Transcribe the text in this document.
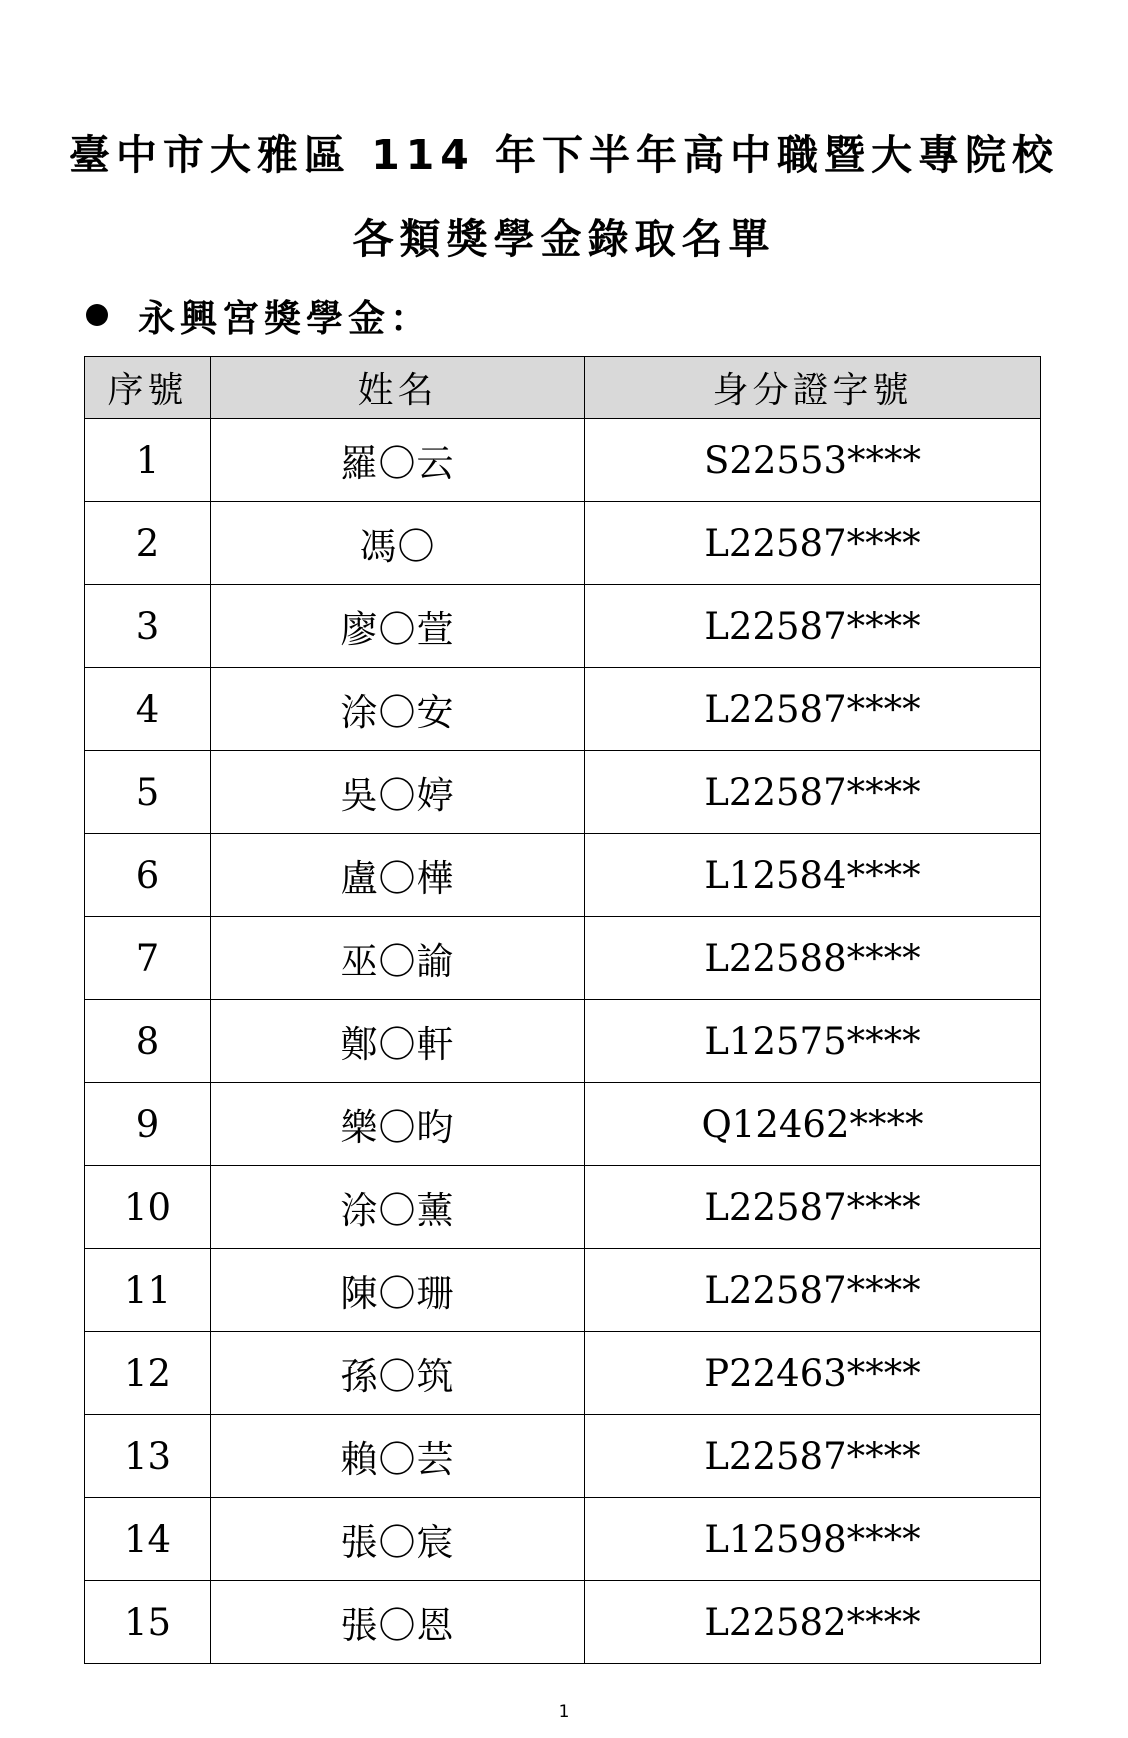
臺中市大雅區 114 年下半年高中職暨大專院校
各類獎學金錄取名單
永興宮獎學金：
序號	姓名	身分證字號
1	羅〇云	S22553****
2	馮〇	L22587****
3	廖〇萱	L22587****
4	涂〇安	L22587****
5	吳〇婷	L22587****
6	盧〇樺	L12584****
7	巫〇諭	L22588****
8	鄭〇軒	L12575****
9	樂〇昀	Q12462****
10	涂〇薰	L22587****
11	陳〇珊	L22587****
12	孫〇筑	P22463****
13	賴〇芸	L22587****
14	張〇宸	L12598****
15	張〇恩	L22582****
1
